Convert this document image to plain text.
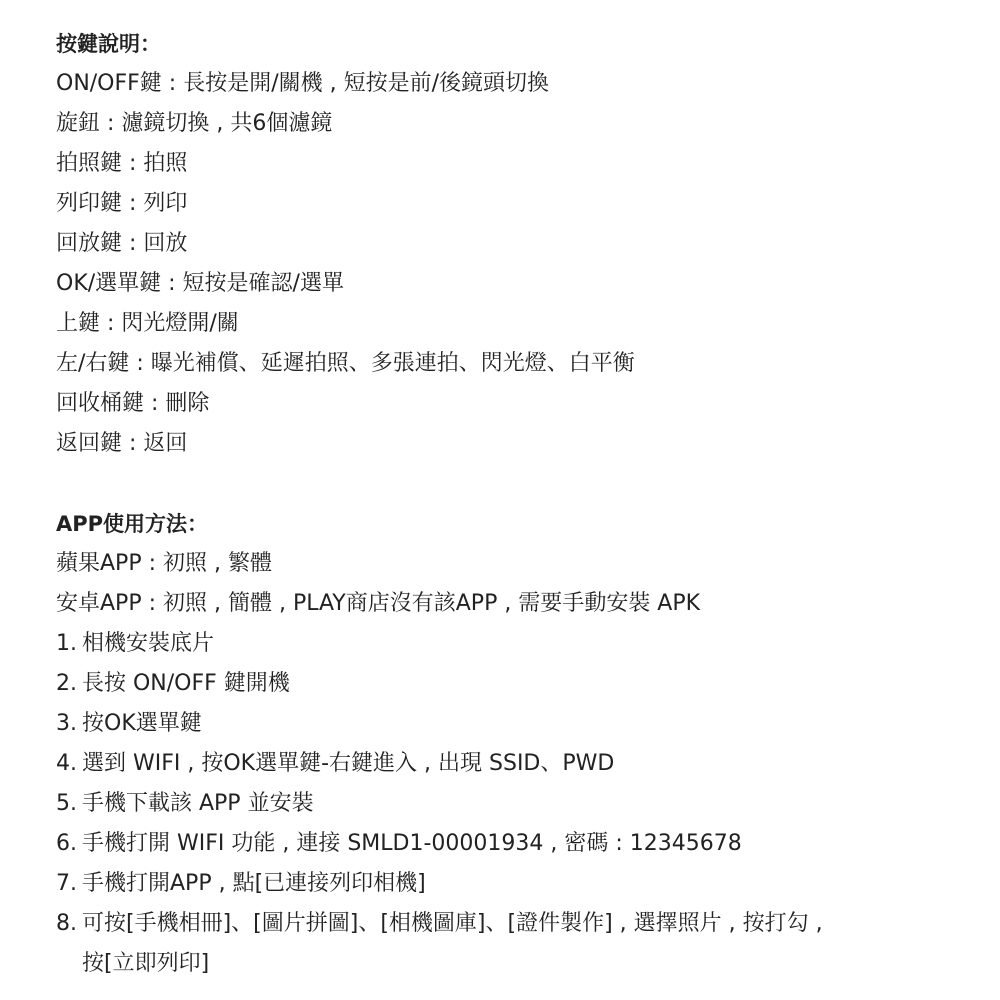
按鍵說明：
ON/OFF鍵 : 長按是開/關機 , 短按是前/後鏡頭切換
旋鈕 : 濾鏡切換 , 共6個濾鏡
拍照鍵 : 拍照
列印鍵 : 列印
回放鍵 : 回放
OK/選單鍵 : 短按是確認/選單
上鍵 : 閃光燈開/關
左/右鍵 : 曝光補償、延遲拍照、多張連拍、閃光燈、白平衡
回收桶鍵 : 刪除
返回鍵 : 返回
APP使用方法：
蘋果APP : 初照 , 繁體
安卓APP : 初照 , 簡體 , PLAY商店沒有該APP , 需要手動安裝 APK
1. 相機安裝底片
2. 長按 ON/OFF 鍵開機
3. 按OK選單鍵
4. 選到 WIFI , 按OK選單鍵-右鍵進入 , 出現 SSID、PWD
5. 手機下載該 APP 並安裝
6. 手機打開 WIFI 功能 , 連接 SMLD1-00001934 , 密碼 : 12345678
7. 手機打開APP , 點[已連接列印相機]
8. 可按[手機相冊]、[圖片拼圖]、[相機圖庫]、[證件製作] , 選擇照片 , 按打勾 ,
按[立即列印]
